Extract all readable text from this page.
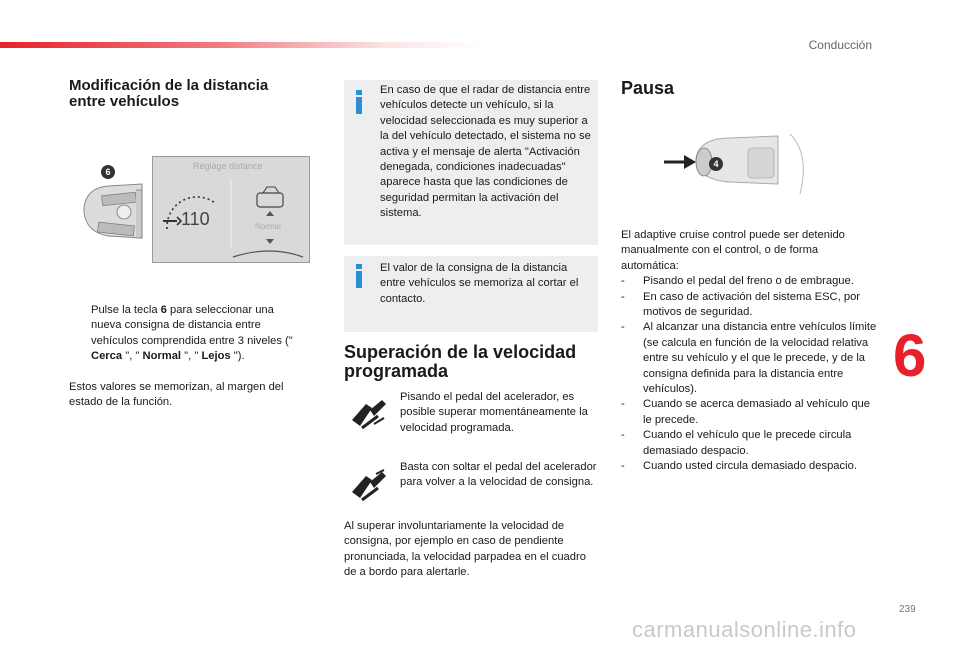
Conducción
Modificación de la distancia entre vehículos
6
Réglage distance
110	Normal

Pulse la tecla 6 para seleccionar una nueva consigna de distancia entre vehículos comprendida entre 3 niveles (" Cerca ", " Normal ", " Lejos ").

Estos valores se memorizan, al margen del estado de la función.

En caso de que el radar de distancia entre vehículos detecte un vehículo, si la velocidad seleccionada es muy superior a la del vehículo detectado, el sistema no se activa y el mensaje de alerta "Activación denegada, condiciones inadecuadas" aparece hasta que las condiciones de seguridad permitan la activación del sistema.

El valor de la consigna de la distancia entre vehículos se memoriza al cortar el contacto.

Superación de la velocidad programada

Pisando el pedal del acelerador, es posible superar momentáneamente la velocidad programada.

Basta con soltar el pedal del acelerador para volver a la velocidad de consigna.

Al superar involuntariamente la velocidad de consigna, por ejemplo en caso de pendiente pronunciada, la velocidad parpadea en el cuadro de a bordo para alertarle.

Pausa
4

El adaptive cruise control puede ser detenido manualmente con el control, o de forma automática:

-	Pisando el pedal del freno o de embrague.
-	En caso de activación del sistema ESC, por motivos de seguridad.
-	Al alcanzar una distancia entre vehículos límite (se calcula en función de la velocidad relativa entre su vehículo y el que le precede, y de la consigna definida para la distancia entre vehículos).
-	Cuando se acerca demasiado al vehículo que le precede.
-	Cuando el vehículo que le precede circula demasiado despacio.
-	Cuando usted circula demasiado despacio.
6
239
carmanualsonline.info
